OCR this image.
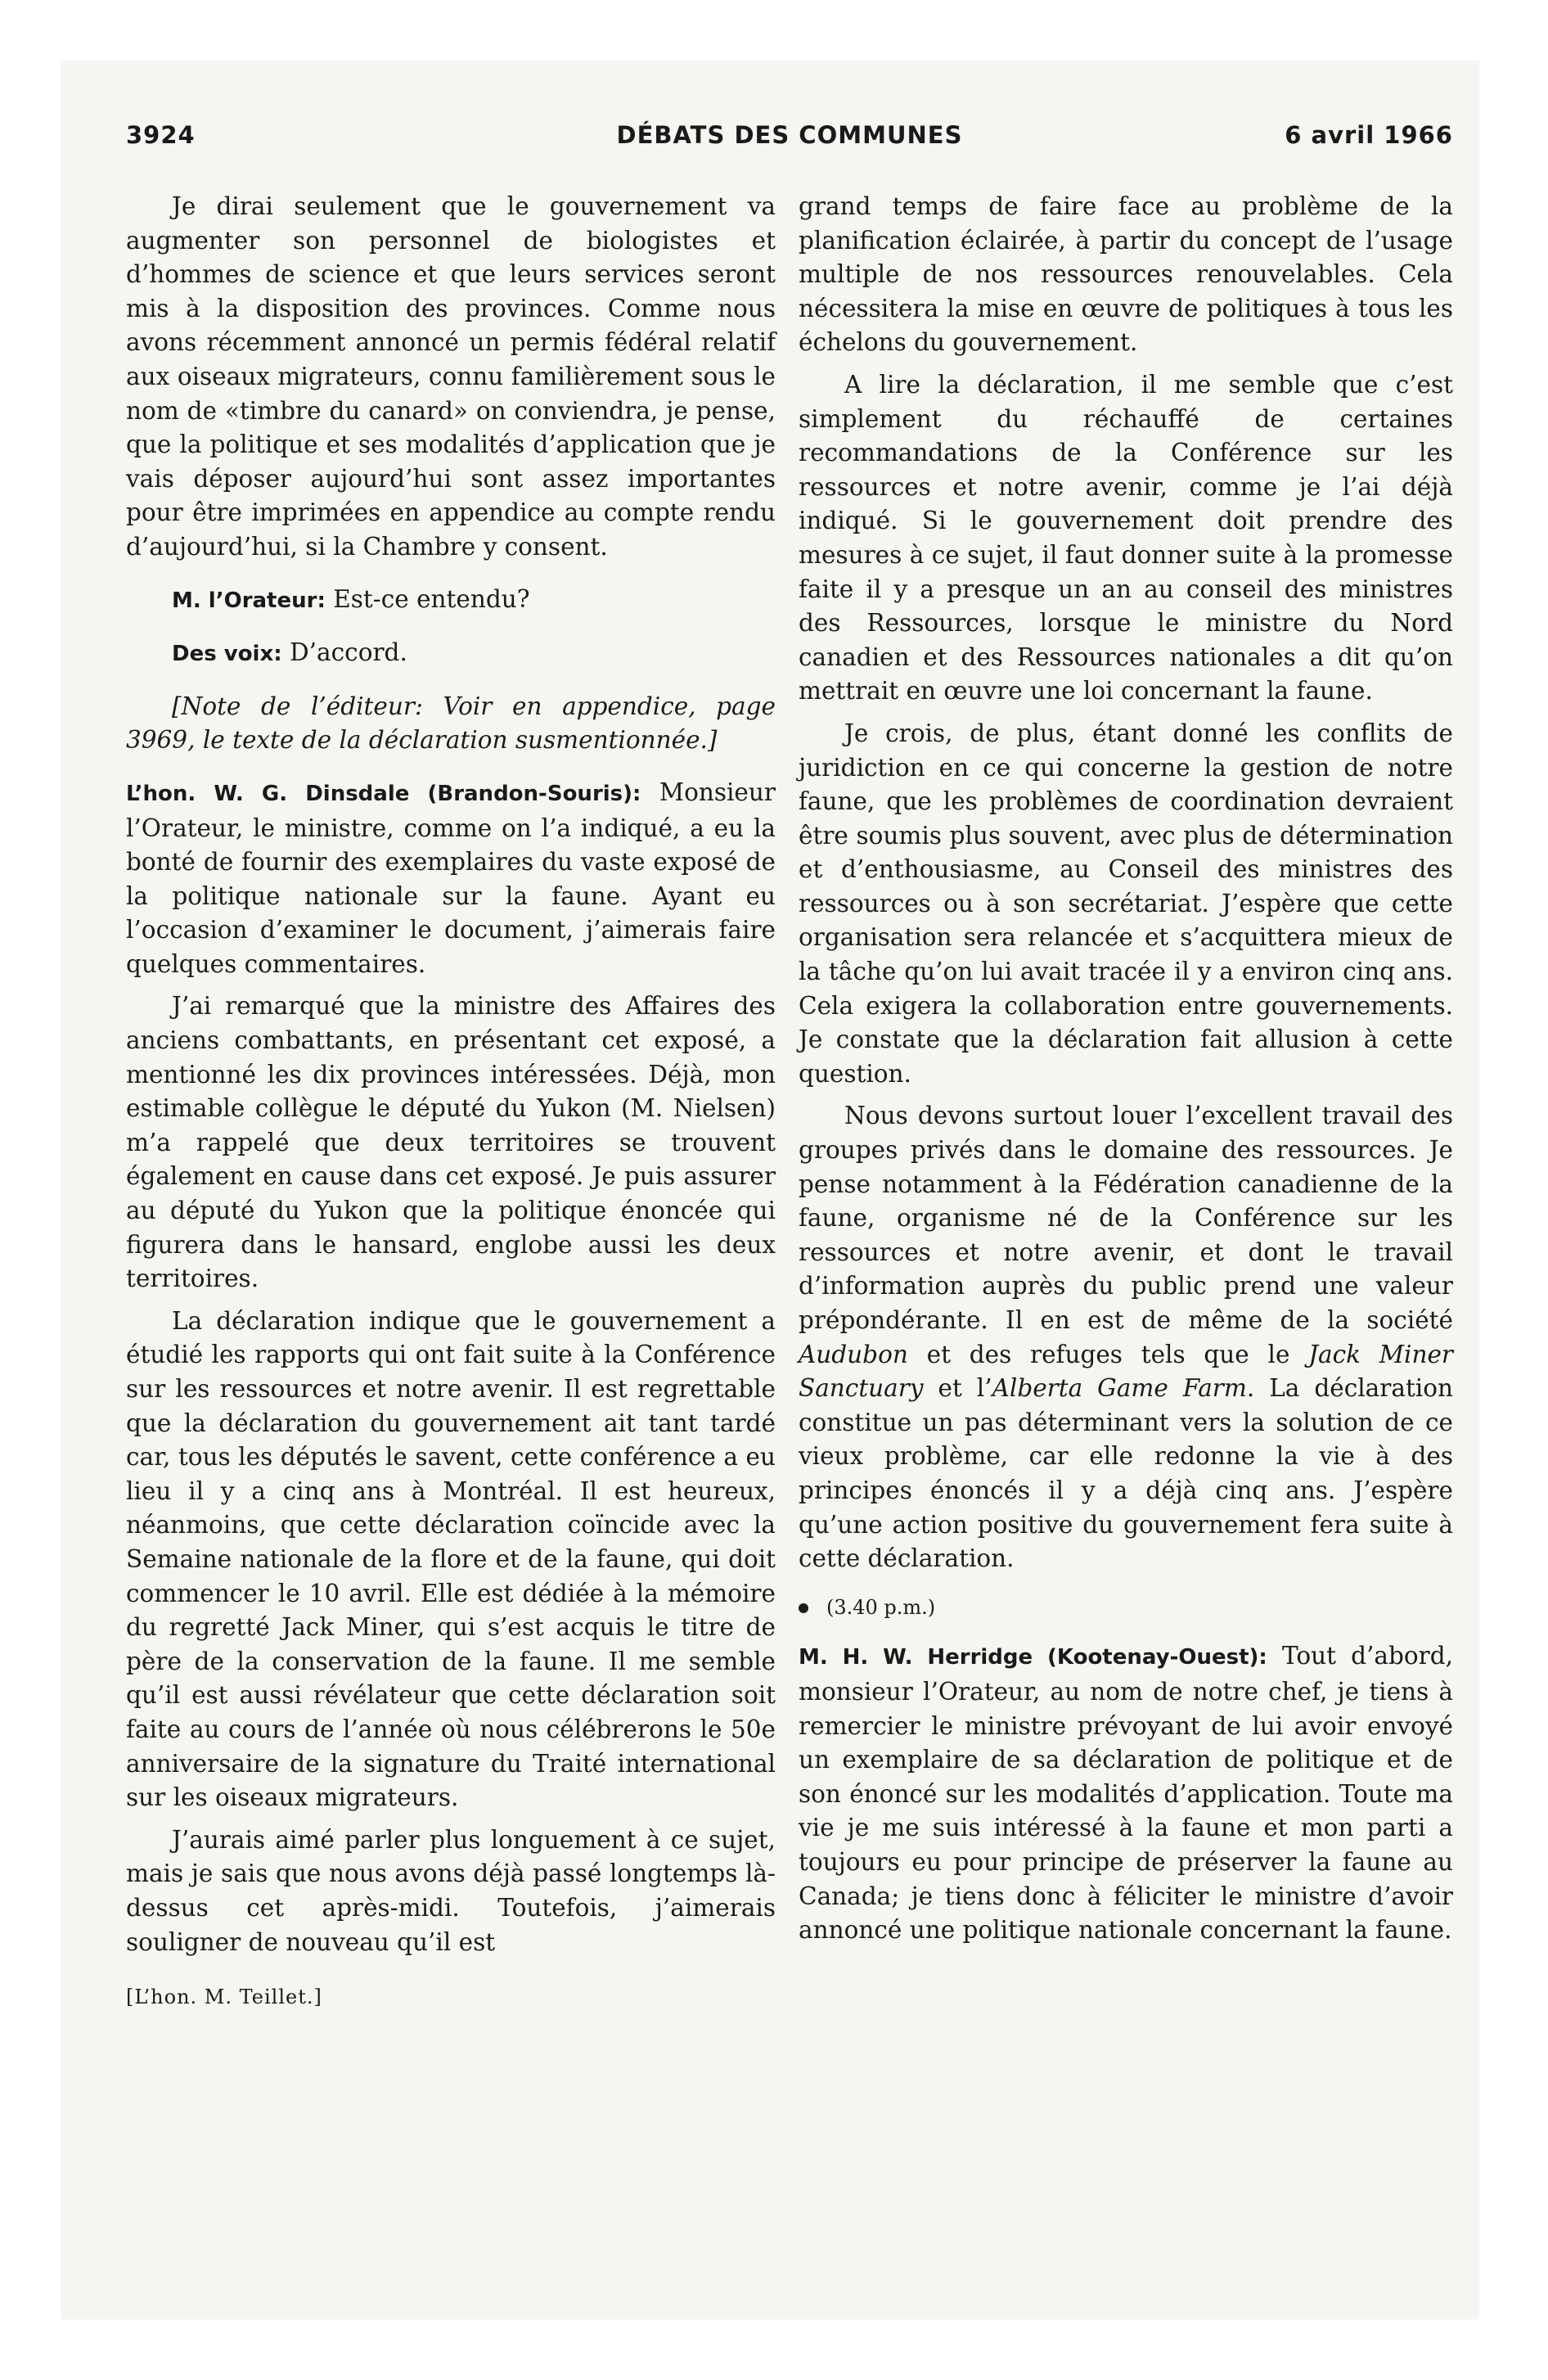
3924	DÉBATS DES COMMUNES	6 avril 1966

Je dirai seulement que le gouvernement va augmenter son personnel de biologistes et d’hommes de science et que leurs services seront mis à la disposition des provinces. Comme nous avons récemment annoncé un permis fédéral relatif aux oiseaux migrateurs, connu familièrement sous le nom de «timbre du canard» on conviendra, je pense, que la politique et ses modalités d’application que je vais déposer aujourd’hui sont assez importantes pour être imprimées en appendice au compte rendu d’aujourd’hui, si la Chambre y consent.

M. l’Orateur: Est-ce entendu?

Des voix: D’accord.

[Note de l’éditeur: Voir en appendice, page 3969, le texte de la déclaration susmentionnée.]

L’hon. W. G. Dinsdale (Brandon-Souris): Monsieur l’Orateur, le ministre, comme on l’a indiqué, a eu la bonté de fournir des exemplaires du vaste exposé de la politique nationale sur la faune. Ayant eu l’occasion d’examiner le document, j’aimerais faire quelques commentaires.

J’ai remarqué que la ministre des Affaires des anciens combattants, en présentant cet exposé, a mentionné les dix provinces intéressées. Déjà, mon estimable collègue le député du Yukon (M. Nielsen) m’a rappelé que deux territoires se trouvent également en cause dans cet exposé. Je puis assurer au député du Yukon que la politique énoncée qui figurera dans le hansard, englobe aussi les deux territoires.

La déclaration indique que le gouvernement a étudié les rapports qui ont fait suite à la Conférence sur les ressources et notre avenir. Il est regrettable que la déclaration du gouvernement ait tant tardé car, tous les députés le savent, cette conférence a eu lieu il y a cinq ans à Montréal. Il est heureux, néanmoins, que cette déclaration coïncide avec la Semaine nationale de la flore et de la faune, qui doit commencer le 10 avril. Elle est dédiée à la mémoire du regretté Jack Miner, qui s’est acquis le titre de père de la conservation de la faune. Il me semble qu’il est aussi révélateur que cette déclaration soit faite au cours de l’année où nous célébrerons le 50e anniversaire de la signature du Traité international sur les oiseaux migrateurs.

J’aurais aimé parler plus longuement à ce sujet, mais je sais que nous avons déjà passé longtemps là-dessus cet après-midi. Toutefois, j’aimerais souligner de nouveau qu’il est

[L’hon. M. Teillet.]

grand temps de faire face au problème de la planification éclairée, à partir du concept de l’usage multiple de nos ressources renouvelables. Cela nécessitera la mise en œuvre de politiques à tous les échelons du gouvernement.

A lire la déclaration, il me semble que c’est simplement du réchauffé de certaines recommandations de la Conférence sur les ressources et notre avenir, comme je l’ai déjà indiqué. Si le gouvernement doit prendre des mesures à ce sujet, il faut donner suite à la promesse faite il y a presque un an au conseil des ministres des Ressources, lorsque le ministre du Nord canadien et des Ressources nationales a dit qu’on mettrait en œuvre une loi concernant la faune.

Je crois, de plus, étant donné les conflits de juridiction en ce qui concerne la gestion de notre faune, que les problèmes de coordination devraient être soumis plus souvent, avec plus de détermination et d’enthousiasme, au Conseil des ministres des ressources ou à son secrétariat. J’espère que cette organisation sera relancée et s’acquittera mieux de la tâche qu’on lui avait tracée il y a environ cinq ans. Cela exigera la collaboration entre gouvernements. Je constate que la déclaration fait allusion à cette question.

Nous devons surtout louer l’excellent travail des groupes privés dans le domaine des ressources. Je pense notamment à la Fédération canadienne de la faune, organisme né de la Conférence sur les ressources et notre avenir, et dont le travail d’information auprès du public prend une valeur prépondérante. Il en est de même de la société Audubon et des refuges tels que le Jack Miner Sanctuary et l’Alberta Game Farm. La déclaration constitue un pas déterminant vers la solution de ce vieux problème, car elle redonne la vie à des principes énoncés il y a déjà cinq ans. J’espère qu’une action positive du gouvernement fera suite à cette déclaration.

(3.40 p.m.)

M. H. W. Herridge (Kootenay-Ouest): Tout d’abord, monsieur l’Orateur, au nom de notre chef, je tiens à remercier le ministre prévoyant de lui avoir envoyé un exemplaire de sa déclaration de politique et de son énoncé sur les modalités d’application. Toute ma vie je me suis intéressé à la faune et mon parti a toujours eu pour principe de préserver la faune au Canada; je tiens donc à féliciter le ministre d’avoir annoncé une politique nationale concernant la faune.
